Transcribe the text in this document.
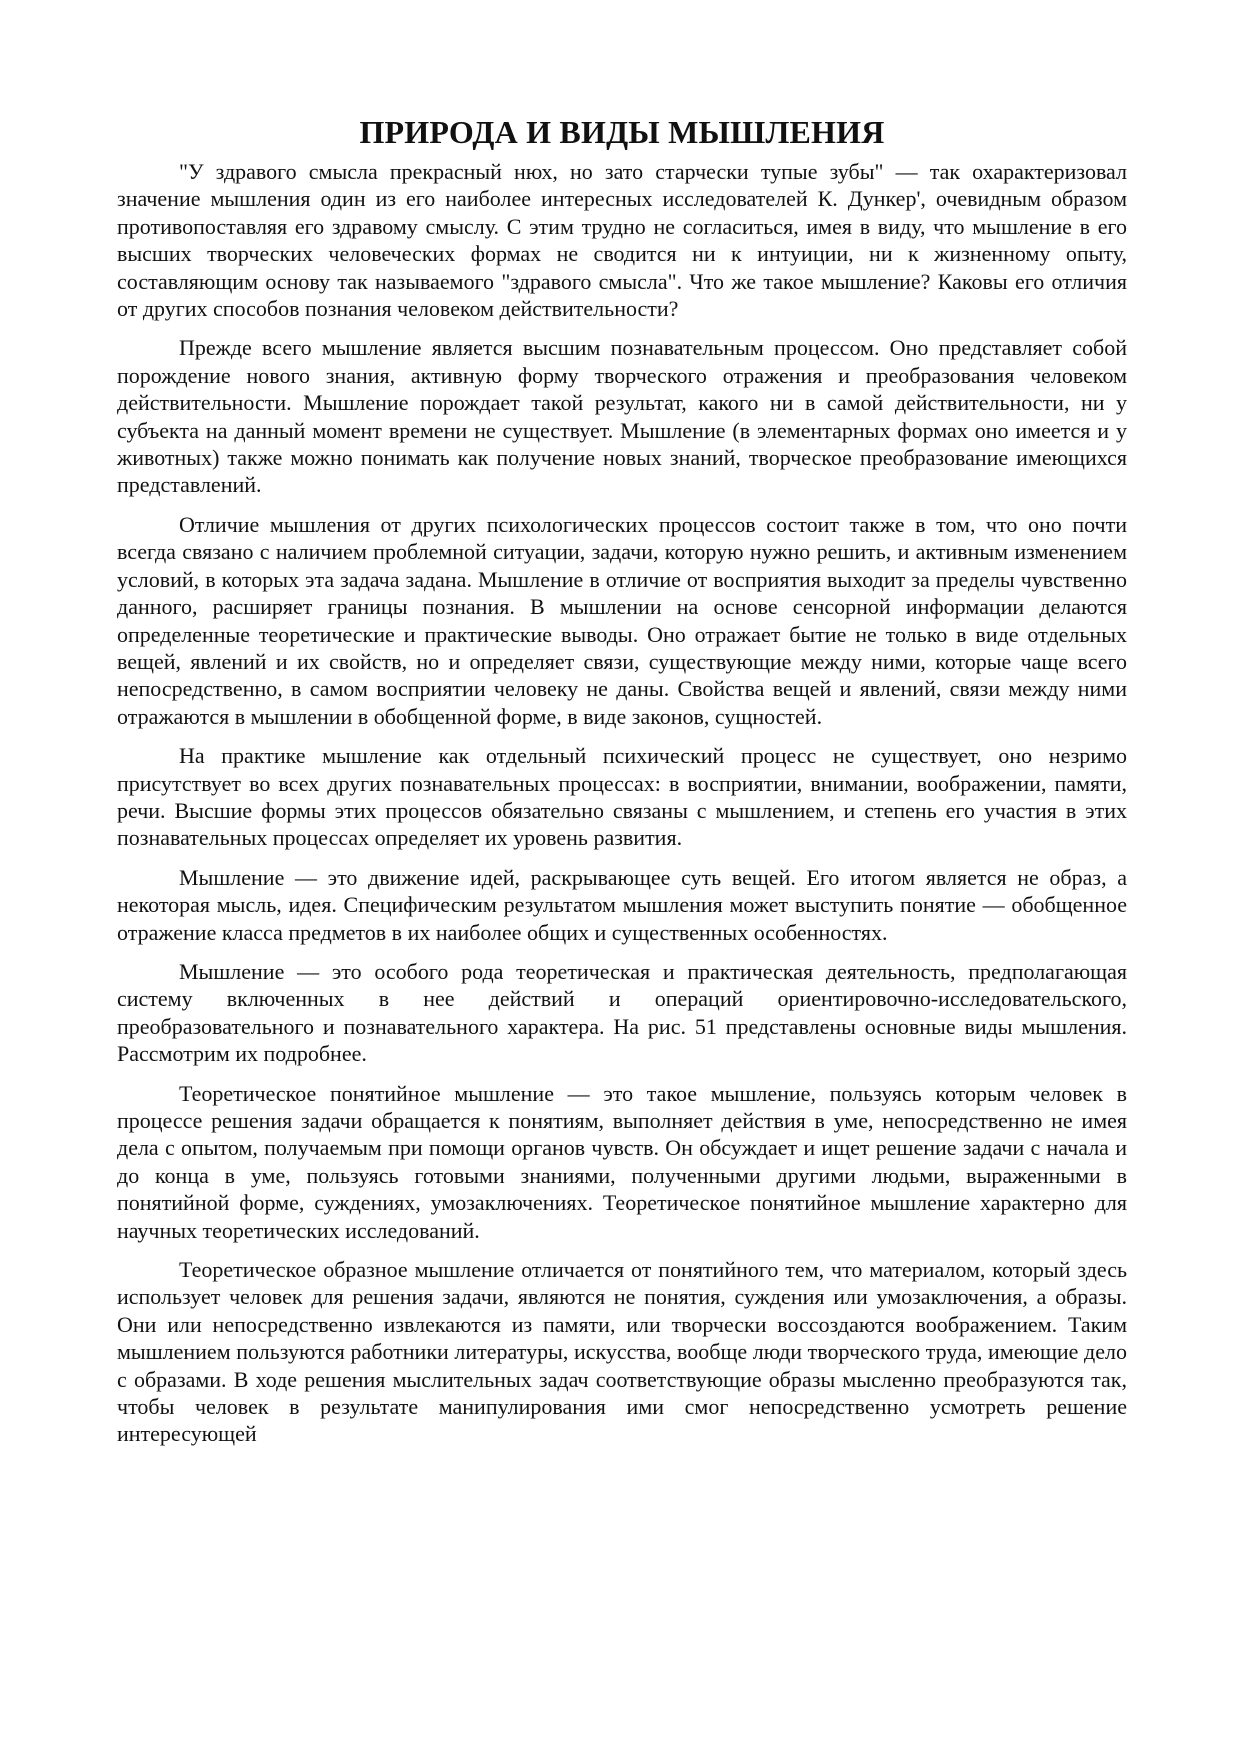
ПРИРОДА И ВИДЫ МЫШЛЕНИЯ

"У здравого смысла прекрасный нюх, но зато старчески тупые зубы" — так охарактеризовал значение мышления один из его наиболее интересных исследователей К. Дункер', очевидным образом противопоставляя его здравому смыслу. С этим трудно не согласиться, имея в виду, что мышление в его высших творческих человеческих формах не сводится ни к интуиции, ни к жизненному опыту, составляющим основу так называемого "здравого смысла". Что же такое мышление? Каковы его отличия от других способов познания человеком действительности?

Прежде всего мышление является высшим познавательным процессом. Оно представляет собой порождение нового знания, активную форму творческого отражения и преобразования человеком действительности. Мышление порождает такой результат, какого ни в самой действительности, ни у субъекта на данный момент времени не существует. Мышление (в элементарных формах оно имеется и у животных) также можно понимать как получение новых знаний, творческое преобразование имеющихся представлений.

Отличие мышления от других психологических процессов состоит также в том, что оно почти всегда связано с наличием проблемной ситуации, задачи, которую нужно решить, и активным изменением условий, в которых эта задача задана. Мышление в отличие от восприятия выходит за пределы чувственно данного, расширяет границы познания. В мышлении на основе сенсорной информации делаются определенные теоретические и практические выводы. Оно отражает бытие не только в виде отдельных вещей, явлений и их свойств, но и определяет связи, существующие между ними, которые чаще всего непосредственно, в самом восприятии человеку не даны. Свойства вещей и явлений, связи между ними отражаются в мышлении в обобщенной форме, в виде законов, сущностей.

На практике мышление как отдельный психический процесс не существует, оно незримо присутствует во всех других познавательных процессах: в восприятии, внимании, воображении, памяти, речи. Высшие формы этих процессов обязательно связаны с мышлением, и степень его участия в этих познавательных процессах определяет их уровень развития.

Мышление — это движение идей, раскрывающее суть вещей. Его итогом является не образ, а некоторая мысль, идея. Специфическим результатом мышления может выступить понятие — обобщенное отражение класса предметов в их наиболее общих и существенных особенностях.

Мышление — это особого рода теоретическая и практическая деятельность, предполагающая систему включенных в нее действий и операций ориентировочно-исследовательского, преобразовательного и познавательного характера. На рис. 51 представлены основные виды мышления. Рассмотрим их подробнее.

Теоретическое понятийное мышление — это такое мышление, пользуясь которым человек в процессе решения задачи обращается к понятиям, выполняет действия в уме, непосредственно не имея дела с опытом, получаемым при помощи органов чувств. Он обсуждает и ищет решение задачи с начала и до конца в уме, пользуясь готовыми знаниями, полученными другими людьми, выраженными в понятийной форме, суждениях, умозаключениях. Теоретическое понятийное мышление характерно для научных теоретических исследований.

Теоретическое образное мышление отличается от понятийного тем, что материалом, который здесь использует человек для решения задачи, являются не понятия, суждения или умозаключения, а образы. Они или непосредственно извлекаются из памяти, или творчески воссоздаются воображением. Таким мышлением пользуются работники литературы, искусства, вообще люди творческого труда, имеющие дело с образами. В ходе решения мыслительных задач соответствующие образы мысленно преобразуются так, чтобы человек в результате манипулирования ими смог непосредственно усмотреть решение интересующей
